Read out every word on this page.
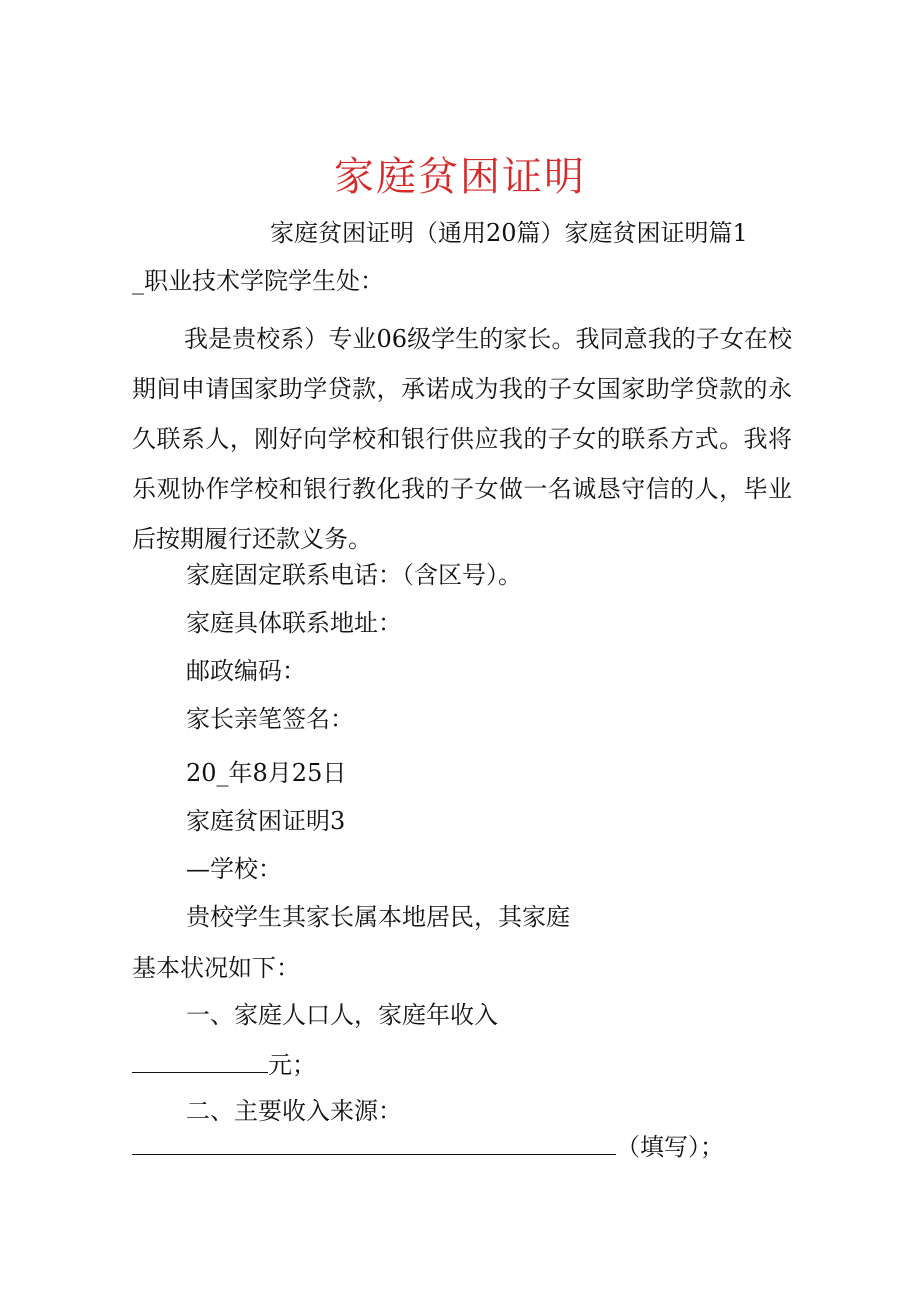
家庭贫困证明
家庭贫困证明（通用20篇）家庭贫困证明篇1
_职业技术学院学生处：
我是贵校系）专业06级学生的家长。我同意我的子女在校期间申请国家助学贷款，承诺成为我的子女国家助学贷款的永久联系人，刚好向学校和银行供应我的子女的联系方式。我将乐观协作学校和银行教化我的子女做一名诚恳守信的人，毕业后按期履行还款义务。
家庭固定联系电话：（含区号）。
家庭具体联系地址：
邮政编码：
家长亲笔签名：
20_年8月25日
家庭贫困证明3
—学校：
贵校学生其家长属本地居民，其家庭
基本状况如下：
一、家庭人口人，家庭年收入
元；
二、主要收入来源：
（填写）；
